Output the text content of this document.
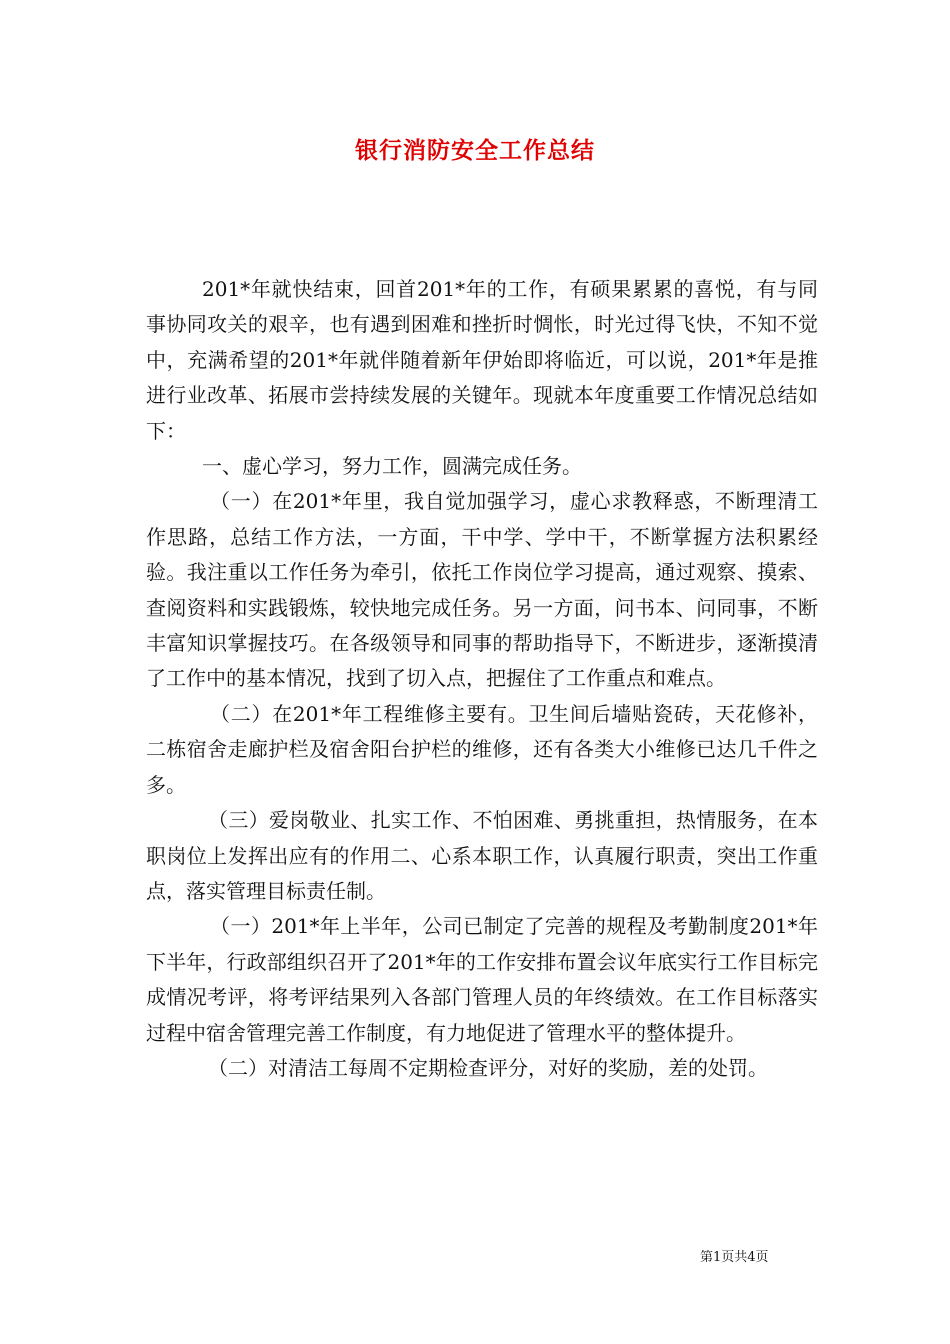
银行消防安全工作总结

201*年就快结束，回首201*年的工作，有硕果累累的喜悦，有与同事协同攻关的艰辛，也有遇到困难和挫折时惆怅，时光过得飞快，不知不觉中，充满希望的201*年就伴随着新年伊始即将临近，可以说，201*年是推进行业改革、拓展市尝持续发展的关键年。现就本年度重要工作情况总结如下：

一、虚心学习，努力工作，圆满完成任务。

（一）在201*年里，我自觉加强学习，虚心求教释惑，不断理清工作思路，总结工作方法，一方面，干中学、学中干，不断掌握方法积累经验。我注重以工作任务为牵引，依托工作岗位学习提高，通过观察、摸索、查阅资料和实践锻炼，较快地完成任务。另一方面，问书本、问同事，不断丰富知识掌握技巧。在各级领导和同事的帮助指导下，不断进步，逐渐摸清了工作中的基本情况，找到了切入点，把握住了工作重点和难点。

（二）在201*年工程维修主要有。卫生间后墙贴瓷砖，天花修补，二栋宿舍走廊护栏及宿舍阳台护栏的维修，还有各类大小维修已达几千件之多。

（三）爱岗敬业、扎实工作、不怕困难、勇挑重担，热情服务，在本职岗位上发挥出应有的作用二、心系本职工作，认真履行职责，突出工作重点，落实管理目标责任制。

（一）201*年上半年，公司已制定了完善的规程及考勤制度201*年下半年，行政部组织召开了201*年的工作安排布置会议年底实行工作目标完成情况考评，将考评结果列入各部门管理人员的年终绩效。在工作目标落实过程中宿舍管理完善工作制度，有力地促进了管理水平的整体提升。

（二）对清洁工每周不定期检查评分，对好的奖励，差的处罚。

第1页共4页
